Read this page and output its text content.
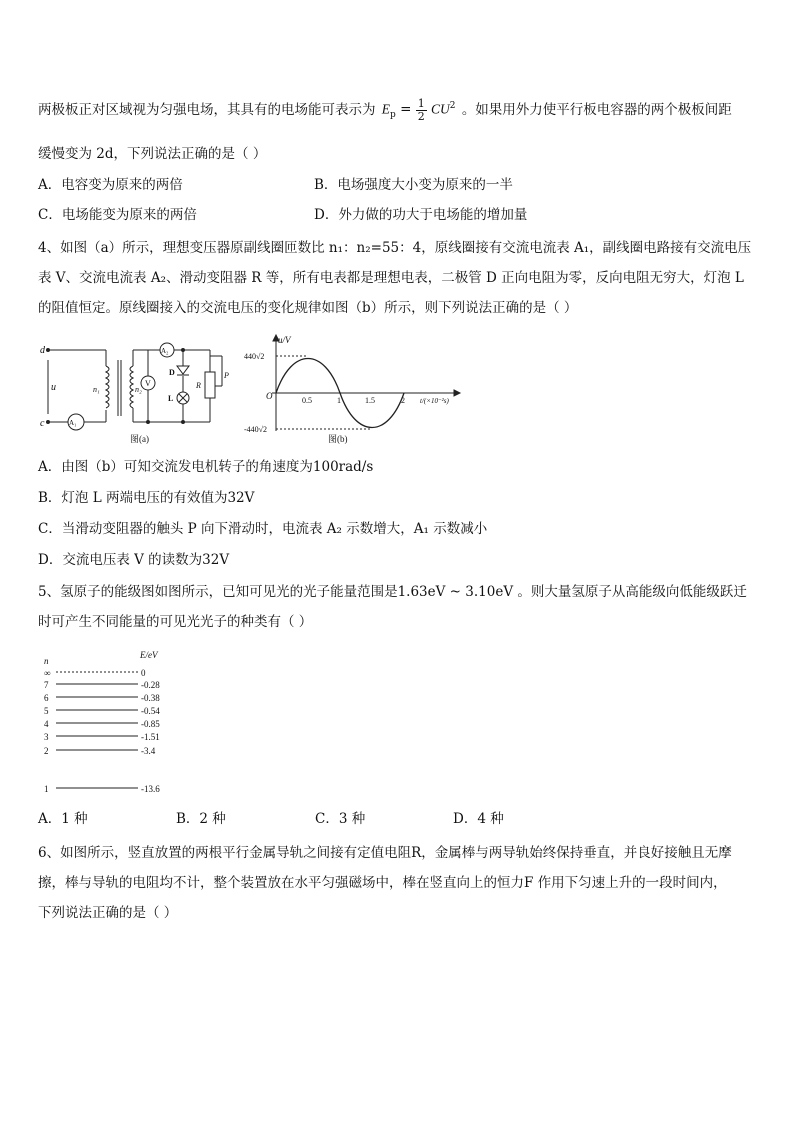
两极板正对区域视为匀强电场，其具有的电场能可表示为 $E_p = \frac{1}{2} CU^2$ 。如果用外力使平行板电容器的两个极板间距
缓慢变为 2d，下列说法正确的是（ ）
A．电容变为原来的两倍	B．电场强度大小变为原来的一半
C．电场能变为原来的两倍	D．外力做的功大于电场能的增加量
4、如图（a）所示，理想变压器原副线圈匝数比 n₁：n₂=55：4，原线圈接有交流电流表 A₁，副线圈电路接有交流电压
表 V、交流电流表 A₂、滑动变阻器 R 等，所有电表都是理想电表，二极管 D 正向电阻为零，反向电阻无穷大，灯泡 L
的阻值恒定。原线圈接入的交流电压的变化规律如图（b）所示，则下列说法正确的是（ ）
d
c
u	n₁	n₂
A₁
A₂
V
D
L
R
P
图(a)
u/V
440√2
-440√2
O	0.5	1	1.5	2 t/(×10⁻²s)
图(b)
A．由图（b）可知交流发电机转子的角速度为100rad/s
B．灯泡 L 两端电压的有效值为32V
C．当滑动变阻器的触头 P 向下滑动时，电流表 A₂ 示数增大，A₁ 示数减小
D．交流电压表 V 的读数为32V
5、氢原子的能级图如图所示，已知可见光的光子能量范围是1.63eV ~ 3.10eV 。则大量氢原子从高能级向低能级跃迁
时可产生不同能量的可见光光子的种类有（ ）
n
E/eV
∞	0
7	-0.28
6	-0.38
5	-0.54
4	-0.85
3	-1.51
2	-3.4
1	-13.6
A．1 种	B．2 种	C．3 种	D．4 种
6、如图所示，竖直放置的两根平行金属导轨之间接有定值电阻R，金属棒与两导轨始终保持垂直，并良好接触且无摩
擦，棒与导轨的电阻均不计，整个装置放在水平匀强磁场中，棒在竖直向上的恒力F 作用下匀速上升的一段时间内，
下列说法正确的是（ ）
